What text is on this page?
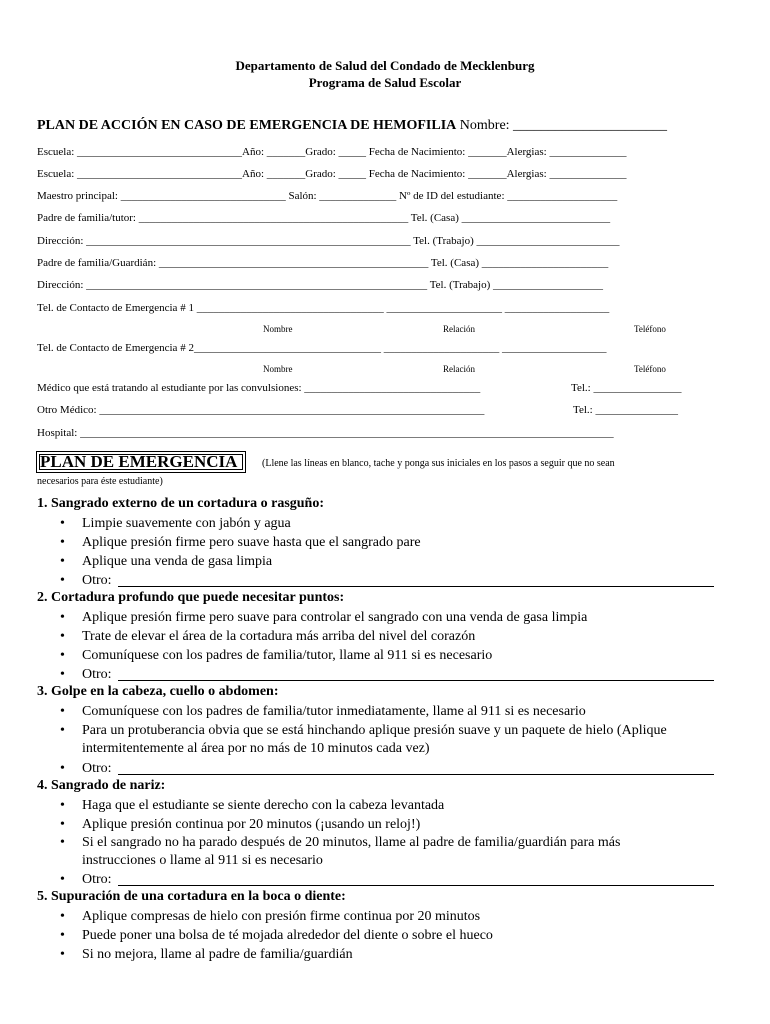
Departamento de Salud del Condado de Mecklenburg
Programa de Salud Escolar
PLAN DE ACCIÓN EN CASO DE EMERGENCIA DE HEMOFILIA Nombre: ______________________
Escuela: ______________________________Año: _______Grado: _____ Fecha de Nacimiento: _______Alergias: ______________
Escuela: ______________________________Año: _______Grado: _____ Fecha de Nacimiento: _______Alergias: ______________
Maestro principal: ______________________________ Salón: ______________ Nº de ID del estudiante: ____________________
Padre de familia/tutor: _________________________________________________ Tel. (Casa) ___________________________
Dirección: ___________________________________________________________ Tel. (Trabajo) __________________________
Padre de familia/Guardián: _________________________________________________ Tel. (Casa) _______________________
Dirección: ______________________________________________________________ Tel. (Trabajo) ____________________
Tel. de Contacto de Emergencia # 1 __________________________________ _____________________ ___________________
Nombre	Relación	Teléfono
Tel. de Contacto de Emergencia # 2__________________________________ _____________________ ___________________
Nombre	Relación	Teléfono
Médico que está tratando al estudiante por las convulsiones: ________________________________	Tel.: ________________
Otro Médico: ______________________________________________________________________	Tel.: _______________
Hospital: _________________________________________________________________________________________________
PLAN DE EMERGENCIA	(Llene las líneas en blanco, tache y ponga sus iniciales en los pasos a seguir que no sean
necesarios para éste estudiante)
1. Sangrado externo de un cortadura o rasguño:
• Limpie suavemente con jabón y agua
• Aplique presión firme pero suave hasta que el sangrado pare
• Aplique una venda de gasa limpia
• Otro:
2. Cortadura profundo que puede necesitar puntos:
• Aplique presión firme pero suave para controlar el sangrado con una venda de gasa limpia
• Trate de elevar el área de la cortadura más arriba del nivel del corazón
• Comuníquese con los padres de familia/tutor, llame al 911 si es necesario
• Otro:
3. Golpe en la cabeza, cuello o abdomen:
• Comuníquese con los padres de familia/tutor inmediatamente, llame al 911 si es necesario
• Para un protuberancia obvia que se está hinchando aplique presión suave y un paquete de hielo (Aplique
intermitentemente al área por no más de 10 minutos cada vez)
• Otro:
4. Sangrado de nariz:
• Haga que el estudiante se siente derecho con la cabeza levantada
• Aplique presión continua por 20 minutos (¡usando un reloj!)
• Si el sangrado no ha parado después de 20 minutos, llame al padre de familia/guardián para más
instrucciones o llame al 911 si es necesario
• Otro:
5. Supuración de una cortadura en la boca o diente:
• Aplique compresas de hielo con presión firme continua por 20 minutos
• Puede poner una bolsa de té mojada alrededor del diente o sobre el hueco
• Si no mejora, llame al padre de familia/guardián
